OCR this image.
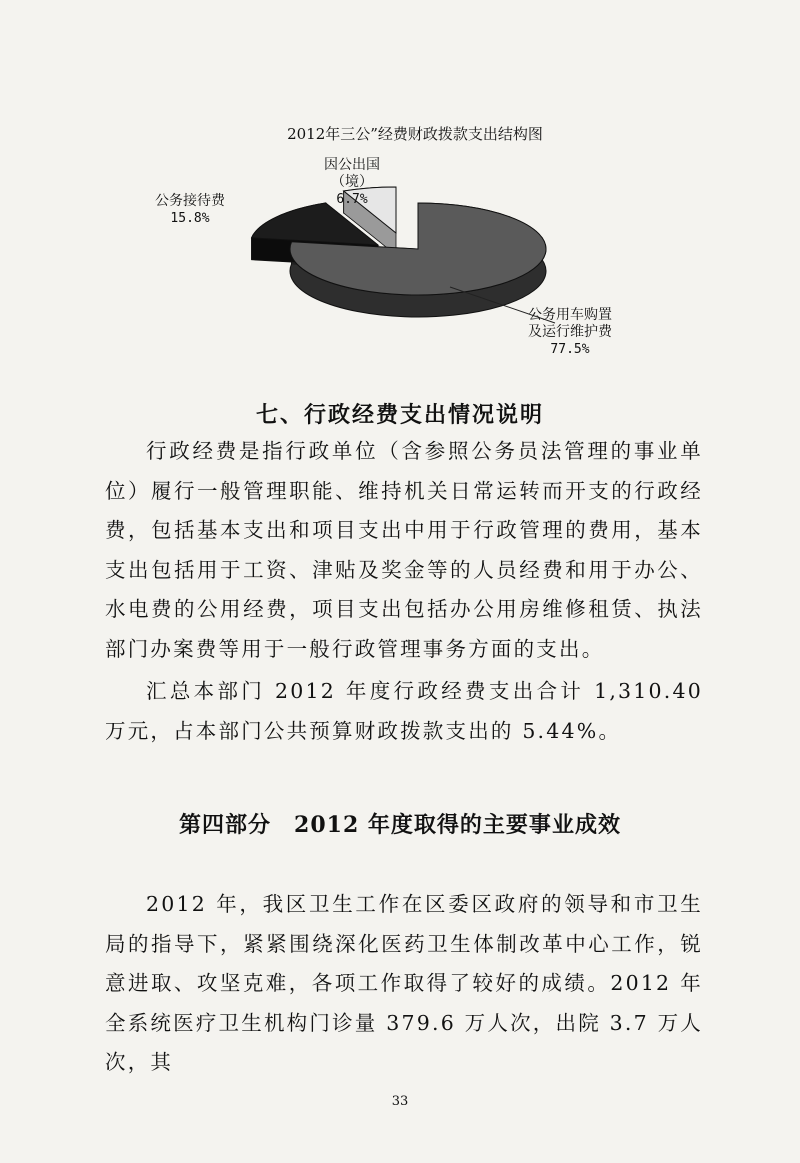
2012年三公”经费财政拨款支出结构图
公务接待费
15.8%
因公出国
（境）
6.7%
公务用车购置
及运行维护费
77.5%
七、行政经费支出情况说明
行政经费是指行政单位（含参照公务员法管理的事业单位）履行一般管理职能、维持机关日常运转而开支的行政经费，包括基本支出和项目支出中用于行政管理的费用，基本支出包括用于工资、津贴及奖金等的人员经费和用于办公、水电费的公用经费，项目支出包括办公用房维修租赁、执法部门办案费等用于一般行政管理事务方面的支出。
汇总本部门 2012 年度行政经费支出合计 1,310.40 万元，占本部门公共预算财政拨款支出的 5.44%。
第四部分　2012 年度取得的主要事业成效
2012 年，我区卫生工作在区委区政府的领导和市卫生局的指导下，紧紧围绕深化医药卫生体制改革中心工作，锐意进取、攻坚克难，各项工作取得了较好的成绩。2012 年全系统医疗卫生机构门诊量 379.6 万人次，出院 3.7 万人次，其
33
